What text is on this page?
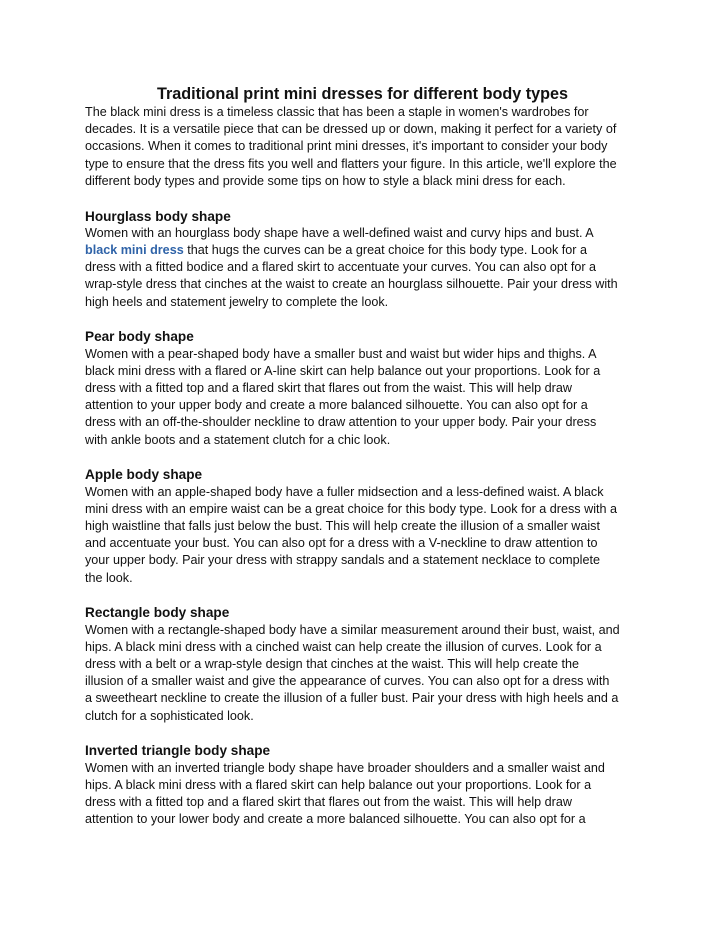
Traditional print mini dresses for different body types

The black mini dress is a timeless classic that has been a staple in women's wardrobes for
decades. It is a versatile piece that can be dressed up or down, making it perfect for a variety of
occasions. When it comes to traditional print mini dresses, it's important to consider your body
type to ensure that the dress fits you well and flatters your figure. In this article, we'll explore the
different body types and provide some tips on how to style a black mini dress for each.

Hourglass body shape

Women with an hourglass body shape have a well-defined waist and curvy hips and bust. A
black mini dress that hugs the curves can be a great choice for this body type. Look for a
dress with a fitted bodice and a flared skirt to accentuate your curves. You can also opt for a
wrap-style dress that cinches at the waist to create an hourglass silhouette. Pair your dress with
high heels and statement jewelry to complete the look.

Pear body shape

Women with a pear-shaped body have a smaller bust and waist but wider hips and thighs. A
black mini dress with a flared or A-line skirt can help balance out your proportions. Look for a
dress with a fitted top and a flared skirt that flares out from the waist. This will help draw
attention to your upper body and create a more balanced silhouette. You can also opt for a
dress with an off-the-shoulder neckline to draw attention to your upper body. Pair your dress
with ankle boots and a statement clutch for a chic look.

Apple body shape

Women with an apple-shaped body have a fuller midsection and a less-defined waist. A black
mini dress with an empire waist can be a great choice for this body type. Look for a dress with a
high waistline that falls just below the bust. This will help create the illusion of a smaller waist
and accentuate your bust. You can also opt for a dress with a V-neckline to draw attention to
your upper body. Pair your dress with strappy sandals and a statement necklace to complete
the look.

Rectangle body shape

Women with a rectangle-shaped body have a similar measurement around their bust, waist, and
hips. A black mini dress with a cinched waist can help create the illusion of curves. Look for a
dress with a belt or a wrap-style design that cinches at the waist. This will help create the
illusion of a smaller waist and give the appearance of curves. You can also opt for a dress with
a sweetheart neckline to create the illusion of a fuller bust. Pair your dress with high heels and a
clutch for a sophisticated look.

Inverted triangle body shape

Women with an inverted triangle body shape have broader shoulders and a smaller waist and
hips. A black mini dress with a flared skirt can help balance out your proportions. Look for a
dress with a fitted top and a flared skirt that flares out from the waist. This will help draw
attention to your lower body and create a more balanced silhouette. You can also opt for a
